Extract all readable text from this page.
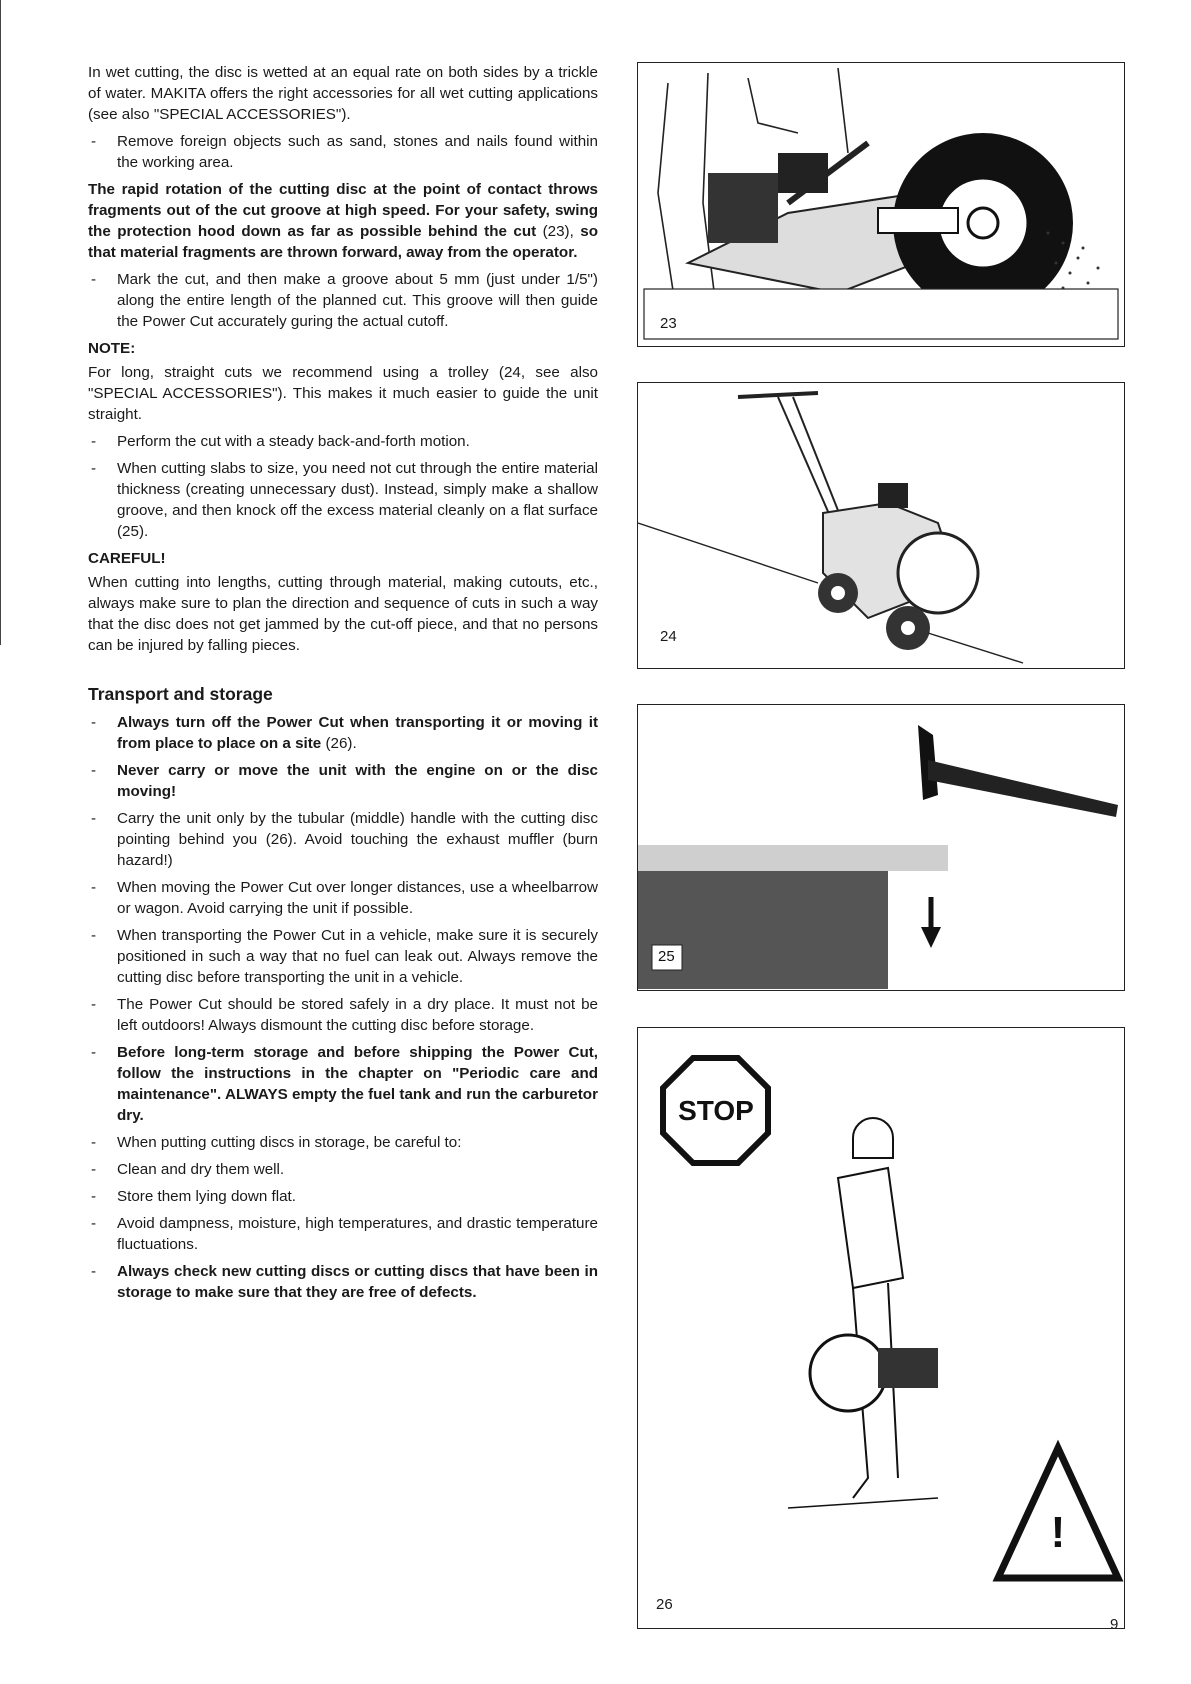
In wet cutting, the disc is wetted at an equal rate on both sides by a trickle of water. MAKITA offers the right accessories for all wet cutting applications (see also "SPECIAL ACCESSORIES").

- Remove foreign objects such as sand, stones and nails found within the working area.

The rapid rotation of the cutting disc at the point of contact throws fragments out of the cut groove at high speed. For your safety, swing the protection hood down as far as possible behind the cut (23), so that material fragments are thrown forward, away from the operator.

- Mark the cut, and then make a groove about 5 mm (just under 1/5") along the entire length of the planned cut. This groove will then guide the Power Cut accurately guring the actual cutoff.
NOTE:

For long, straight cuts we recommend using a trolley (24, see also "SPECIAL ACCESSORIES"). This makes it much easier to guide the unit straight.

- Perform the cut with a steady back-and-forth motion.
- When cutting slabs to size, you need not cut through the entire material thickness (creating unnecessary dust). Instead, simply make a shallow groove, and then knock off the excess material cleanly on a flat surface (25).
CAREFUL!

When cutting into lengths, cutting through material, making cutouts, etc., always make sure to plan the direction and sequence of cuts in such a way that the disc does not get jammed by the cut-off piece, and that no persons can be injured by falling pieces.

Transport and storage
- Always turn off the Power Cut when transporting it or moving it from place to place on a site (26).
- Never carry or move the unit with the engine on or the disc moving!
- Carry the unit only by the tubular (middle) handle with the cutting disc pointing behind you (26). Avoid touching the exhaust muffler (burn hazard!)
- When moving the Power Cut over longer distances, use a wheelbarrow or wagon. Avoid carrying the unit if possible.
- When transporting the Power Cut in a vehicle, make sure it is securely positioned in such a way that no fuel can leak out. Always remove the cutting disc before transporting the unit in a vehicle.
- The Power Cut should be stored safely in a dry place. It must not be left outdoors! Always dismount the cutting disc before storage.
- Before long-term storage and before shipping the Power Cut, follow the instructions in the chapter on "Periodic care and maintenance". ALWAYS empty the fuel tank and run the carburetor dry.
- When putting cutting discs in storage, be careful to:
- Clean and dry them well.
- Store them lying down flat.
- Avoid dampness, moisture, high temperatures, and drastic temperature fluctuations.
- Always check new cutting discs or cutting discs that have been in storage to make sure that they are free of defects.
23
24
25
STOP
!
26
9
